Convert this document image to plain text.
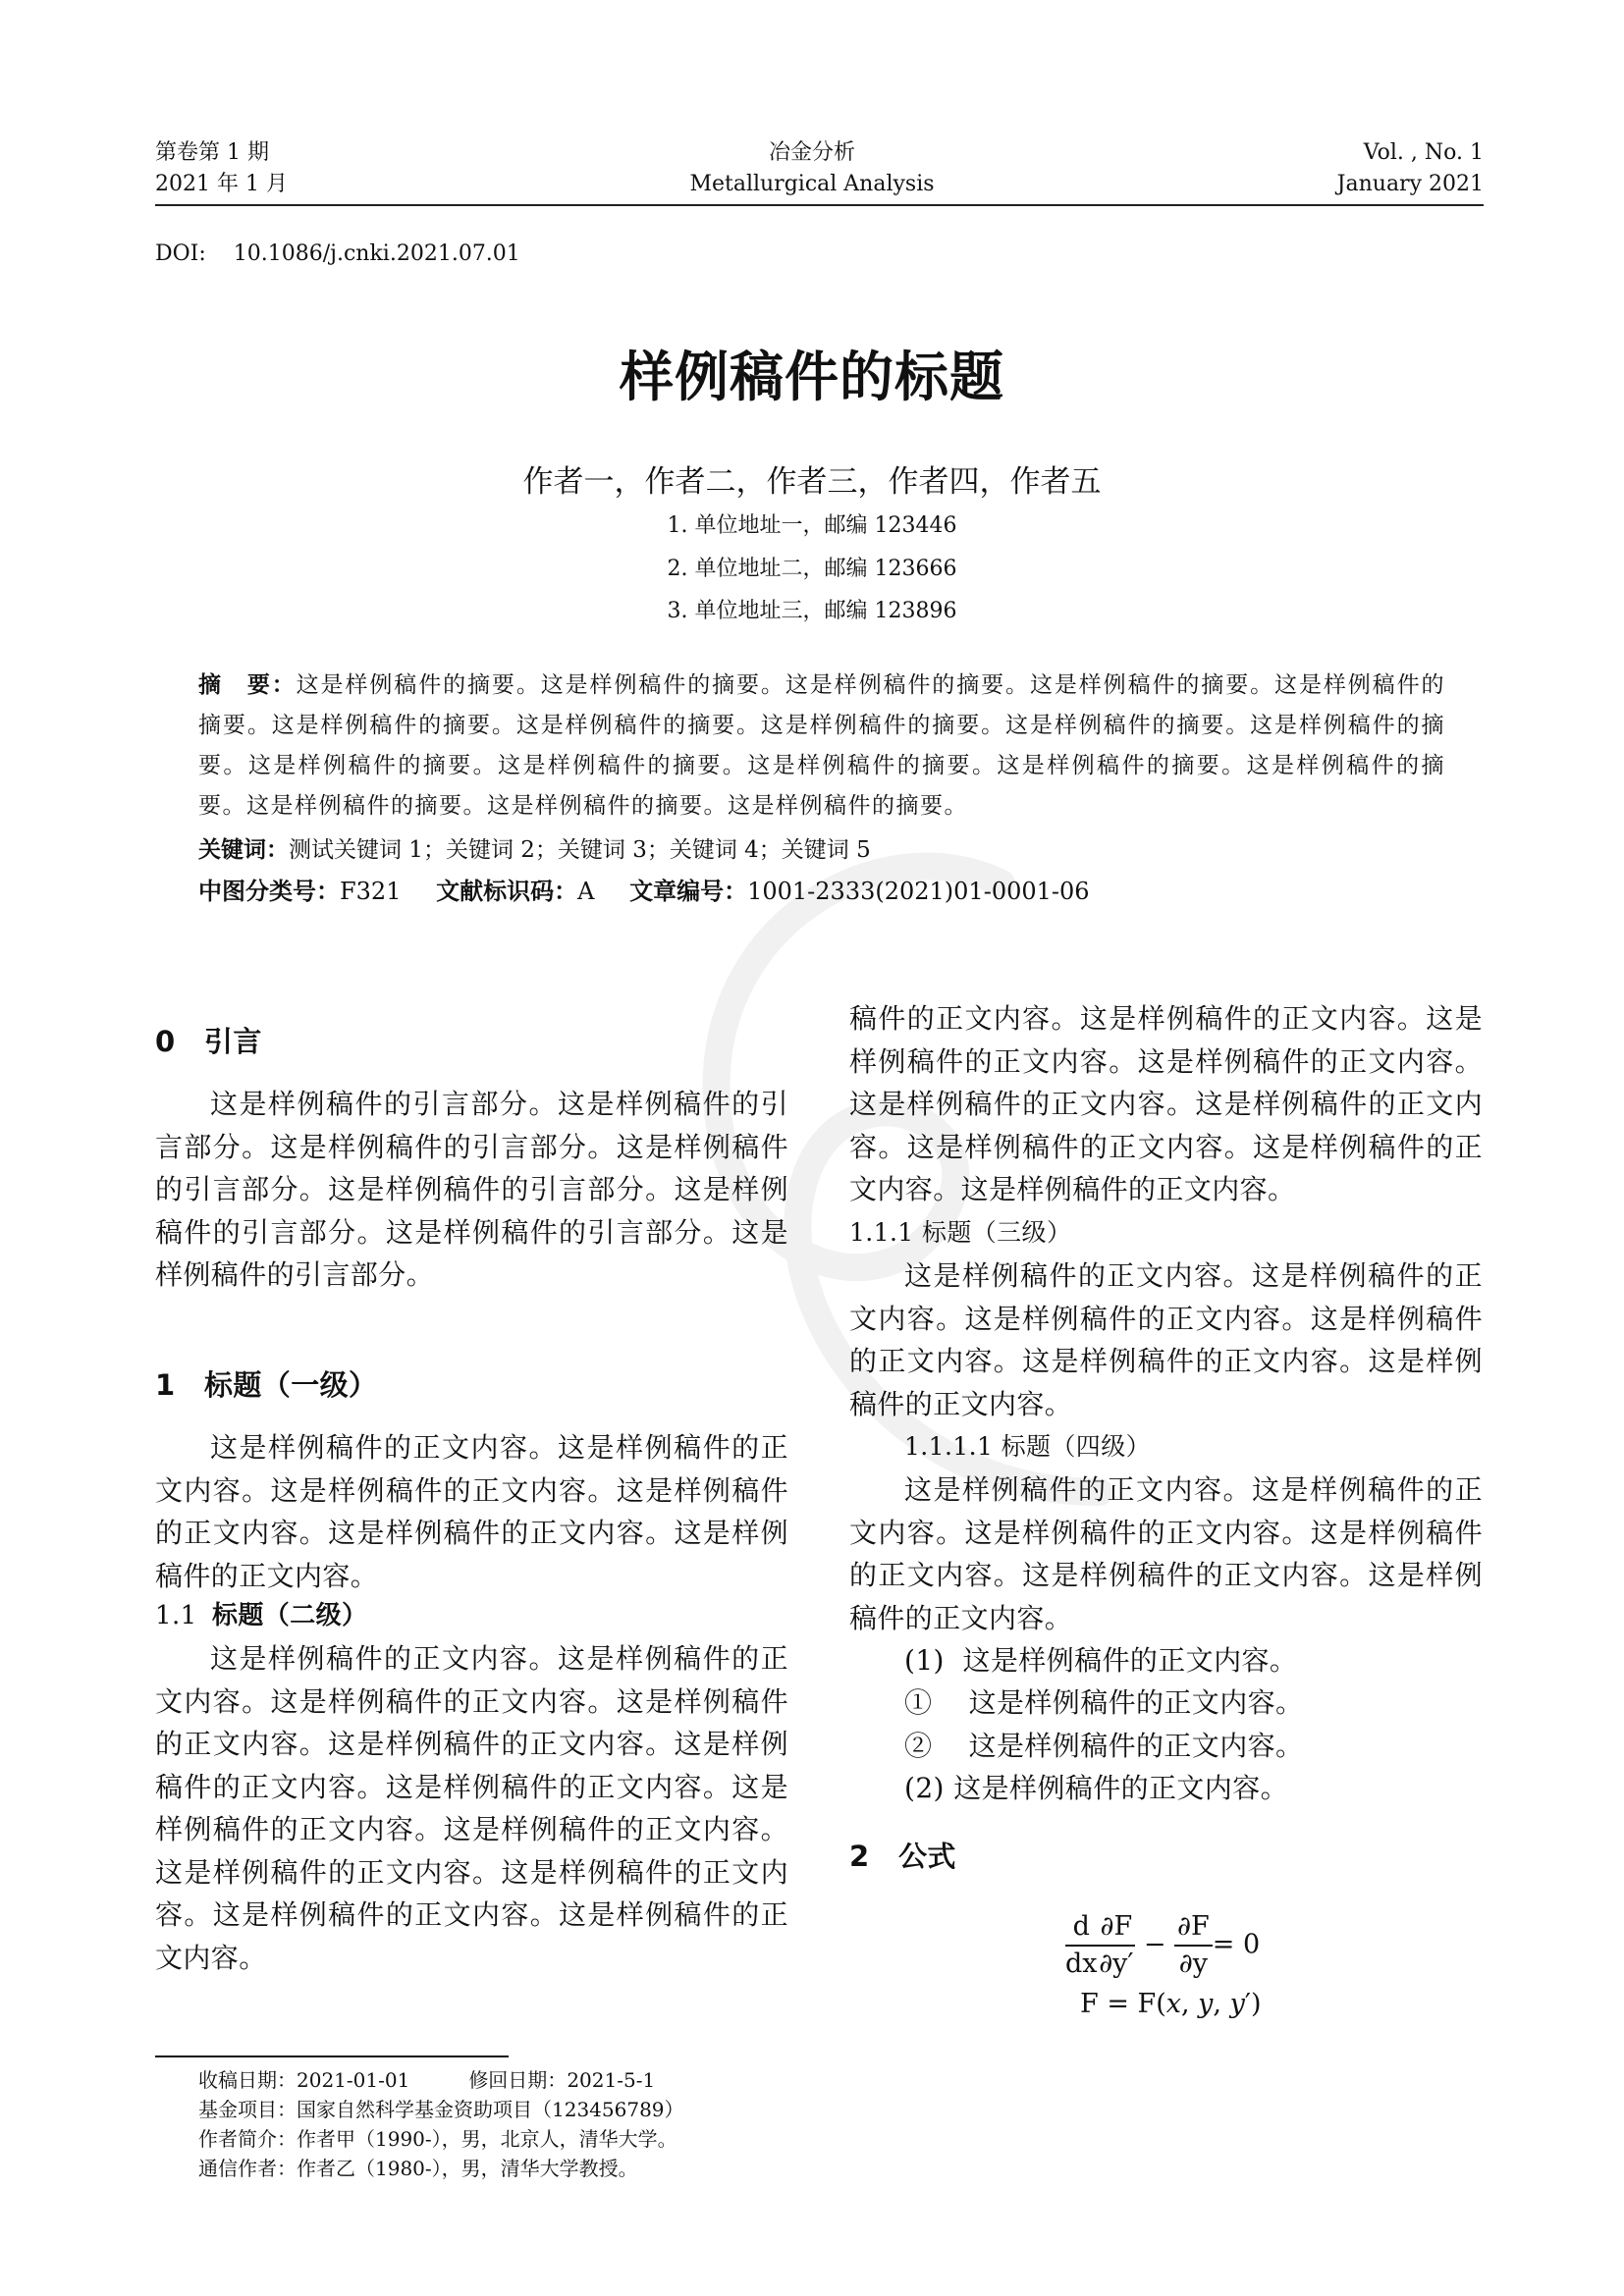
第卷第 1 期
2021 年 1 月
冶金分析
Metallurgical Analysis
Vol. , No. 1
January 2021
DOI: 10.1086/j.cnki.2021.07.01
样例稿件的标题
作者一，作者二，作者三，作者四，作者五
1. 单位地址一，邮编 123446
2. 单位地址二，邮编 123666
3. 单位地址三，邮编 123896
摘　要：这是样例稿件的摘要。这是样例稿件的摘要。这是样例稿件的摘要。这是样例稿件的摘要。这是样例稿件的摘要。这是样例稿件的摘要。这是样例稿件的摘要。这是样例稿件的摘要。这是样例稿件的摘要。这是样例稿件的摘要。这是样例稿件的摘要。这是样例稿件的摘要。这是样例稿件的摘要。这是样例稿件的摘要。这是样例稿件的摘要。这是样例稿件的摘要。这是样例稿件的摘要。这是样例稿件的摘要。
关键词：测试关键词 1；关键词 2；关键词 3；关键词 4；关键词 5
中图分类号：F321 文献标识码：A 文章编号：1001-2333(2021)01-0001-06
0 引言

这是样例稿件的引言部分。这是样例稿件的引言部分。这是样例稿件的引言部分。这是样例稿件的引言部分。这是样例稿件的引言部分。这是样例稿件的引言部分。这是样例稿件的引言部分。这是样例稿件的引言部分。

1 标题（一级）

这是样例稿件的正文内容。这是样例稿件的正文内容。这是样例稿件的正文内容。这是样例稿件的正文内容。这是样例稿件的正文内容。这是样例稿件的正文内容。

1.1 标题（二级）

这是样例稿件的正文内容。这是样例稿件的正文内容。这是样例稿件的正文内容。这是样例稿件的正文内容。这是样例稿件的正文内容。这是样例稿件的正文内容。这是样例稿件的正文内容。这是样例稿件的正文内容。这是样例稿件的正文内容。这是样例稿件的正文内容。这是样例稿件的正文内容。这是样例稿件的正文内容。这是样例稿件的正文内容。

稿件的正文内容。这是样例稿件的正文内容。这是样例稿件的正文内容。这是样例稿件的正文内容。这是样例稿件的正文内容。这是样例稿件的正文内容。这是样例稿件的正文内容。这是样例稿件的正文内容。这是样例稿件的正文内容。

1.1.1 标题（三级）

这是样例稿件的正文内容。这是样例稿件的正文内容。这是样例稿件的正文内容。这是样例稿件的正文内容。这是样例稿件的正文内容。这是样例稿件的正文内容。

1.1.1.1 标题（四级）

这是样例稿件的正文内容。这是样例稿件的正文内容。这是样例稿件的正文内容。这是样例稿件的正文内容。这是样例稿件的正文内容。这是样例稿件的正文内容。

(1) 这是样例稿件的正文内容。
① 这是样例稿件的正文内容。
② 这是样例稿件的正文内容。
(2) 这是样例稿件的正文内容。
2 公式
$\frac{d}{dx} \frac{\partial F}{\partial y'} - \frac{\partial F}{\partial y} = 0$
F = F(𝑥, 𝑦, 𝑦′)
收稿日期：2021-01-01	修回日期：2021-5-1
基金项目：国家自然科学基金资助项目（123456789）
作者简介：作者甲（1990-），男，北京人，清华大学。
通信作者：作者乙（1980-），男，清华大学教授。
